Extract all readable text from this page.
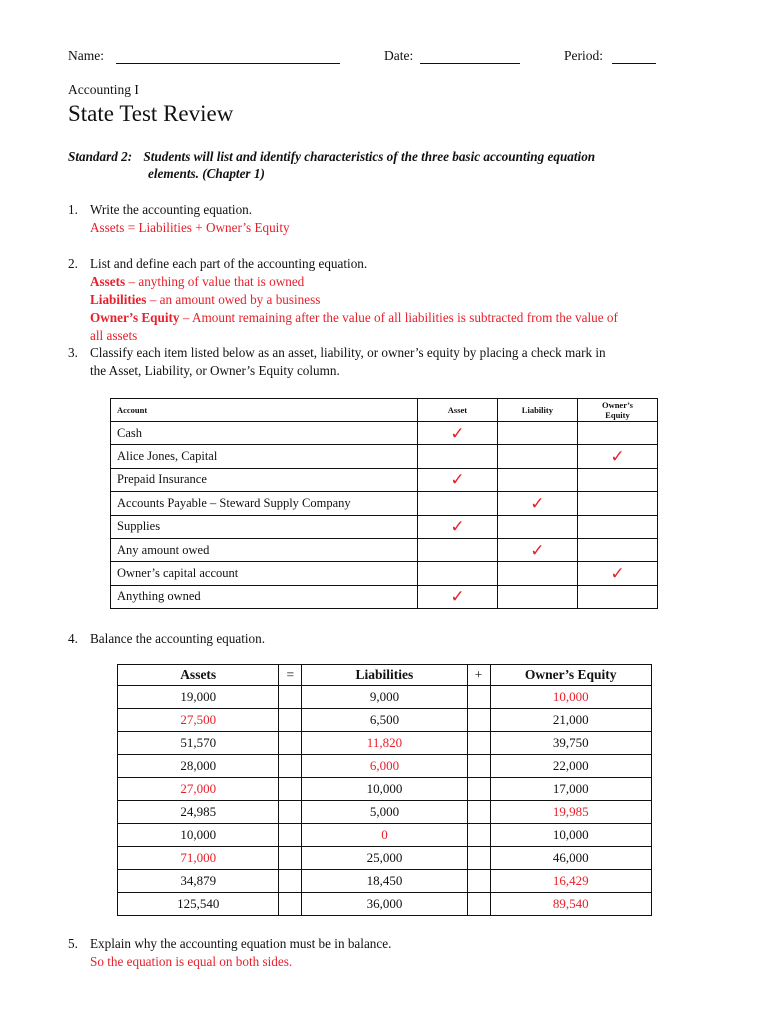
Name:	Date:	Period:
Accounting I
State Test Review
Standard 2: Students will list and identify characteristics of the three basic accounting equation
elements. (Chapter 1)
1. Write the accounting equation.
Assets = Liabilities + Owner’s Equity
2. List and define each part of the accounting equation.
Assets – anything of value that is owned
Liabilities – an amount owed by a business
Owner’s Equity – Amount remaining after the value of all liabilities is subtracted from the value of
all assets
3. Classify each item listed below as an asset, liability, or owner’s equity by placing a check mark in
the Asset, Liability, or Owner’s Equity column.
Account	Asset	Liability	Owner’s
Equity
Cash	✓		
Alice Jones, Capital			✓
Prepaid Insurance	✓		
Accounts Payable – Steward Supply Company		✓	
Supplies	✓		
Any amount owed		✓	
Owner’s capital account			✓
Anything owned	✓		
4. Balance the accounting equation.
Assets	=	Liabilities	+	Owner’s Equity
19,000		9,000		10,000
27,500		6,500		21,000
51,570		11,820		39,750
28,000		6,000		22,000
27,000		10,000		17,000
24,985		5,000		19,985
10,000		0		10,000
71,000		25,000		46,000
34,879		18,450		16,429
125,540		36,000		89,540
5. Explain why the accounting equation must be in balance.
So the equation is equal on both sides.
